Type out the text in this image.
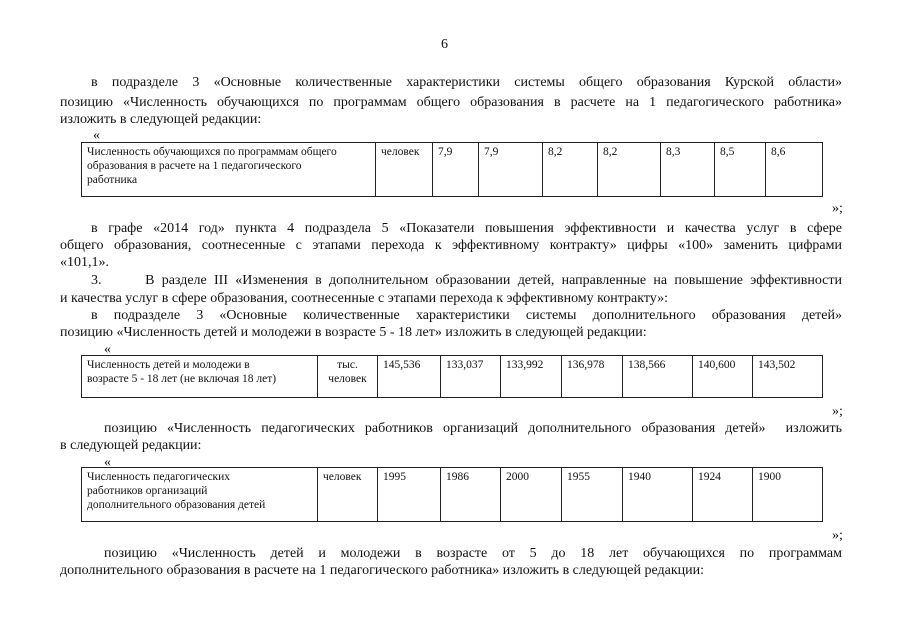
6
в подразделе 3 «Основные количественные характеристики системы общего образования Курской области»
позицию «Численность обучающихся по программам общего образования в расчете на 1 педагогического работника»
изложить в следующей редакции:
«
Численность обучающихся по программам общего
образования в расчете на 1 педагогического
работника
	человек	7,9	7,9	8,2	8,2	8,3	8,5	8,6
»;
в графе «2014 год» пункта 4 подраздела 5 «Показатели повышения эффективности и качества услуг в сфере
общего образования, соотнесенные с этапами перехода к эффективному контракту» цифры «100» заменить цифрами
«101,1».
3.      В разделе III «Изменения в дополнительном образовании детей, направленные на повышение эффективности
и качества услуг в сфере образования, соотнесенные с этапами перехода к эффективному контракту»:
в подразделе 3 «Основные количественные характеристики системы дополнительного образования детей»
позицию «Численность детей и молодежи в возрасте 5 - 18 лет» изложить в следующей редакции:
«
Численность детей и молодежи в
возрасте 5 - 18 лет (не включая 18 лет)

тыс.
человек
	145,536	133,037	133,992	136,978	138,566	140,600	143,502
»;
позицию «Численность педагогических работников организаций дополнительного образования детей»  изложить
в следующей редакции:
«
Численность педагогических
работников организаций
дополнительного образования детей
	человек	1995	1986	2000	1955	1940	1924	1900
»;
позицию «Численность детей и молодежи в возрасте от 5 до 18 лет обучающихся по программам
дополнительного образования в расчете на 1 педагогического работника» изложить в следующей редакции:
